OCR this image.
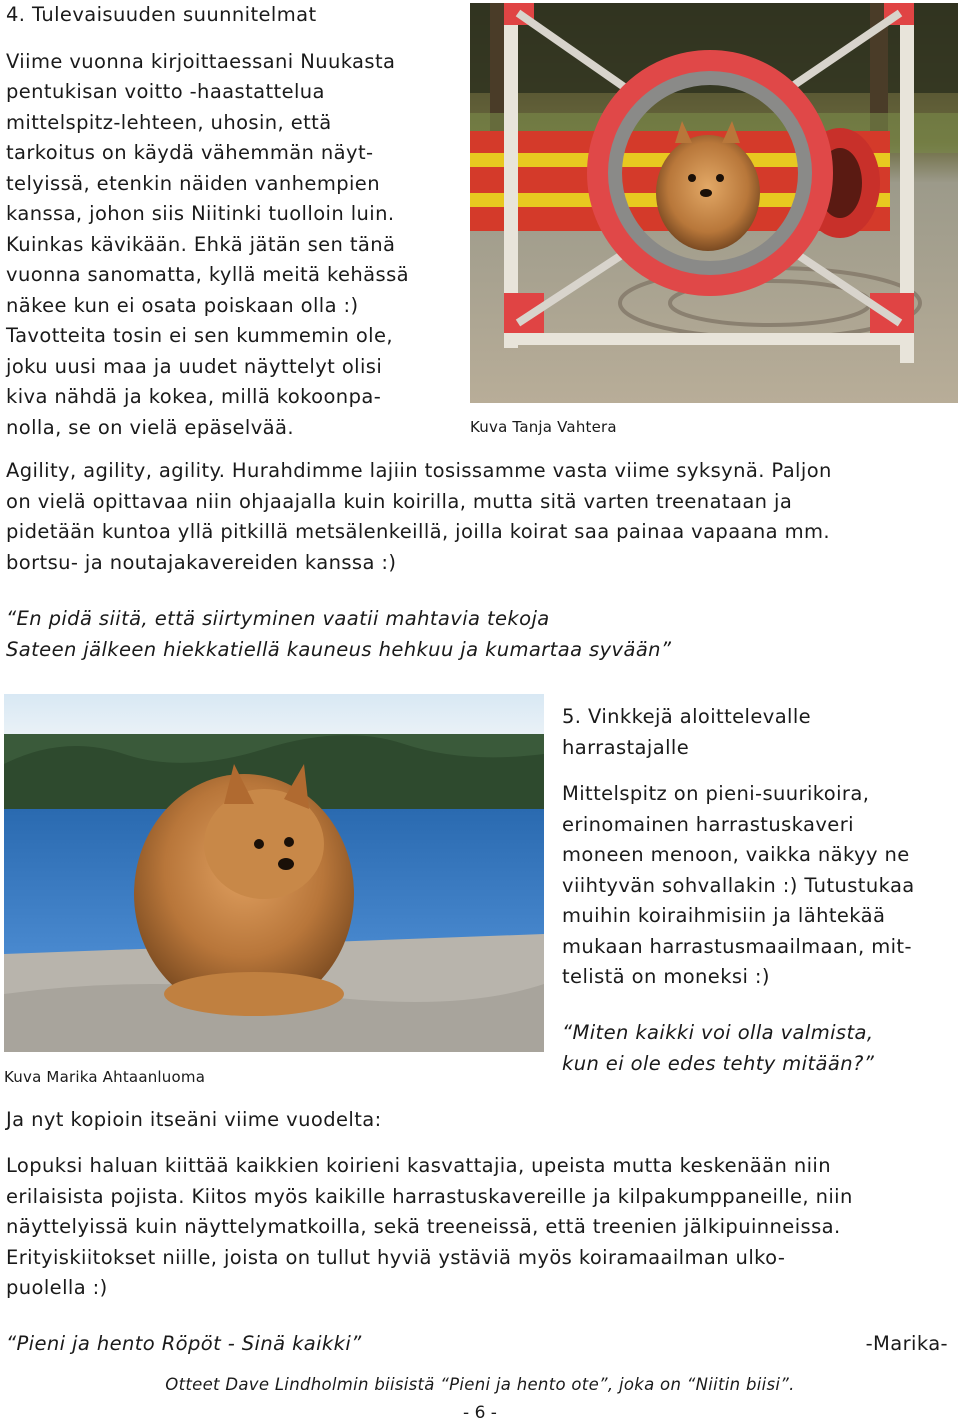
4. Tulevaisuuden suunnitelmat
Viime vuonna kirjoittaessani Nuukasta
pentukisan voitto -haastattelua
mittelspitz-lehteen, uhosin, että
tarkoitus on käydä vähemmän näyt-
telyissä, etenkin näiden vanhempien
kanssa, johon siis Niitinki tuolloin luin.
Kuinkas kävikään. Ehkä jätän sen tänä
vuonna sanomatta, kyllä meitä kehässä
näkee kun ei osata poiskaan olla :)
Tavotteita tosin ei sen kummemin ole,
joku uusi maa ja uudet näyttelyt olisi
kiva nähdä ja kokea, millä kokoonpa-
nolla, se on vielä epäselvää.	Kuva Tanja Vahtera
Agility, agility, agility. Hurahdimme lajiin tosissamme vasta viime syksynä. Paljon
on vielä opittavaa niin ohjaajalla kuin koirilla, mutta sitä varten treenataan ja
pidetään kuntoa yllä pitkillä metsälenkeillä, joilla koirat saa painaa vapaana mm.
bortsu- ja noutajakavereiden kanssa :)
“En pidä siitä, että siirtyminen vaatii mahtavia tekoja
Sateen jälkeen hiekkatiellä kauneus hehkuu ja kumartaa syvään”
Kuva Marika Ahtaanluoma
5. Vinkkejä aloittelevalle
harrastajalle
Mittelspitz on pieni-suurikoira,
erinomainen harrastuskaveri
moneen menoon, vaikka näkyy ne
viihtyvän sohvallakin :) Tutustukaa
muihin koiraihmisiin ja lähtekää
mukaan harrastusmaailmaan, mit-
telistä on moneksi :)
“Miten kaikki voi olla valmista,
kun ei ole edes tehty mitään?”
Ja nyt kopioin itseäni viime vuodelta:
Lopuksi haluan kiittää kaikkien koirieni kasvattajia, upeista mutta keskenään niin
erilaisista pojista. Kiitos myös kaikille harrastuskavereille ja kilpakumppaneille, niin
näyttelyissä kuin näyttelymatkoilla, sekä treeneissä, että treenien jälkipuinneissa.
Erityiskiitokset niille, joista on tullut hyviä ystäviä myös koiramaailman ulko-
puolella :)
“Pieni ja hento Röpöt - Sinä kaikki”	-Marika-
Otteet Dave Lindholmin biisistä “Pieni ja hento ote”, joka on “Niitin biisi”.
- 6 -
